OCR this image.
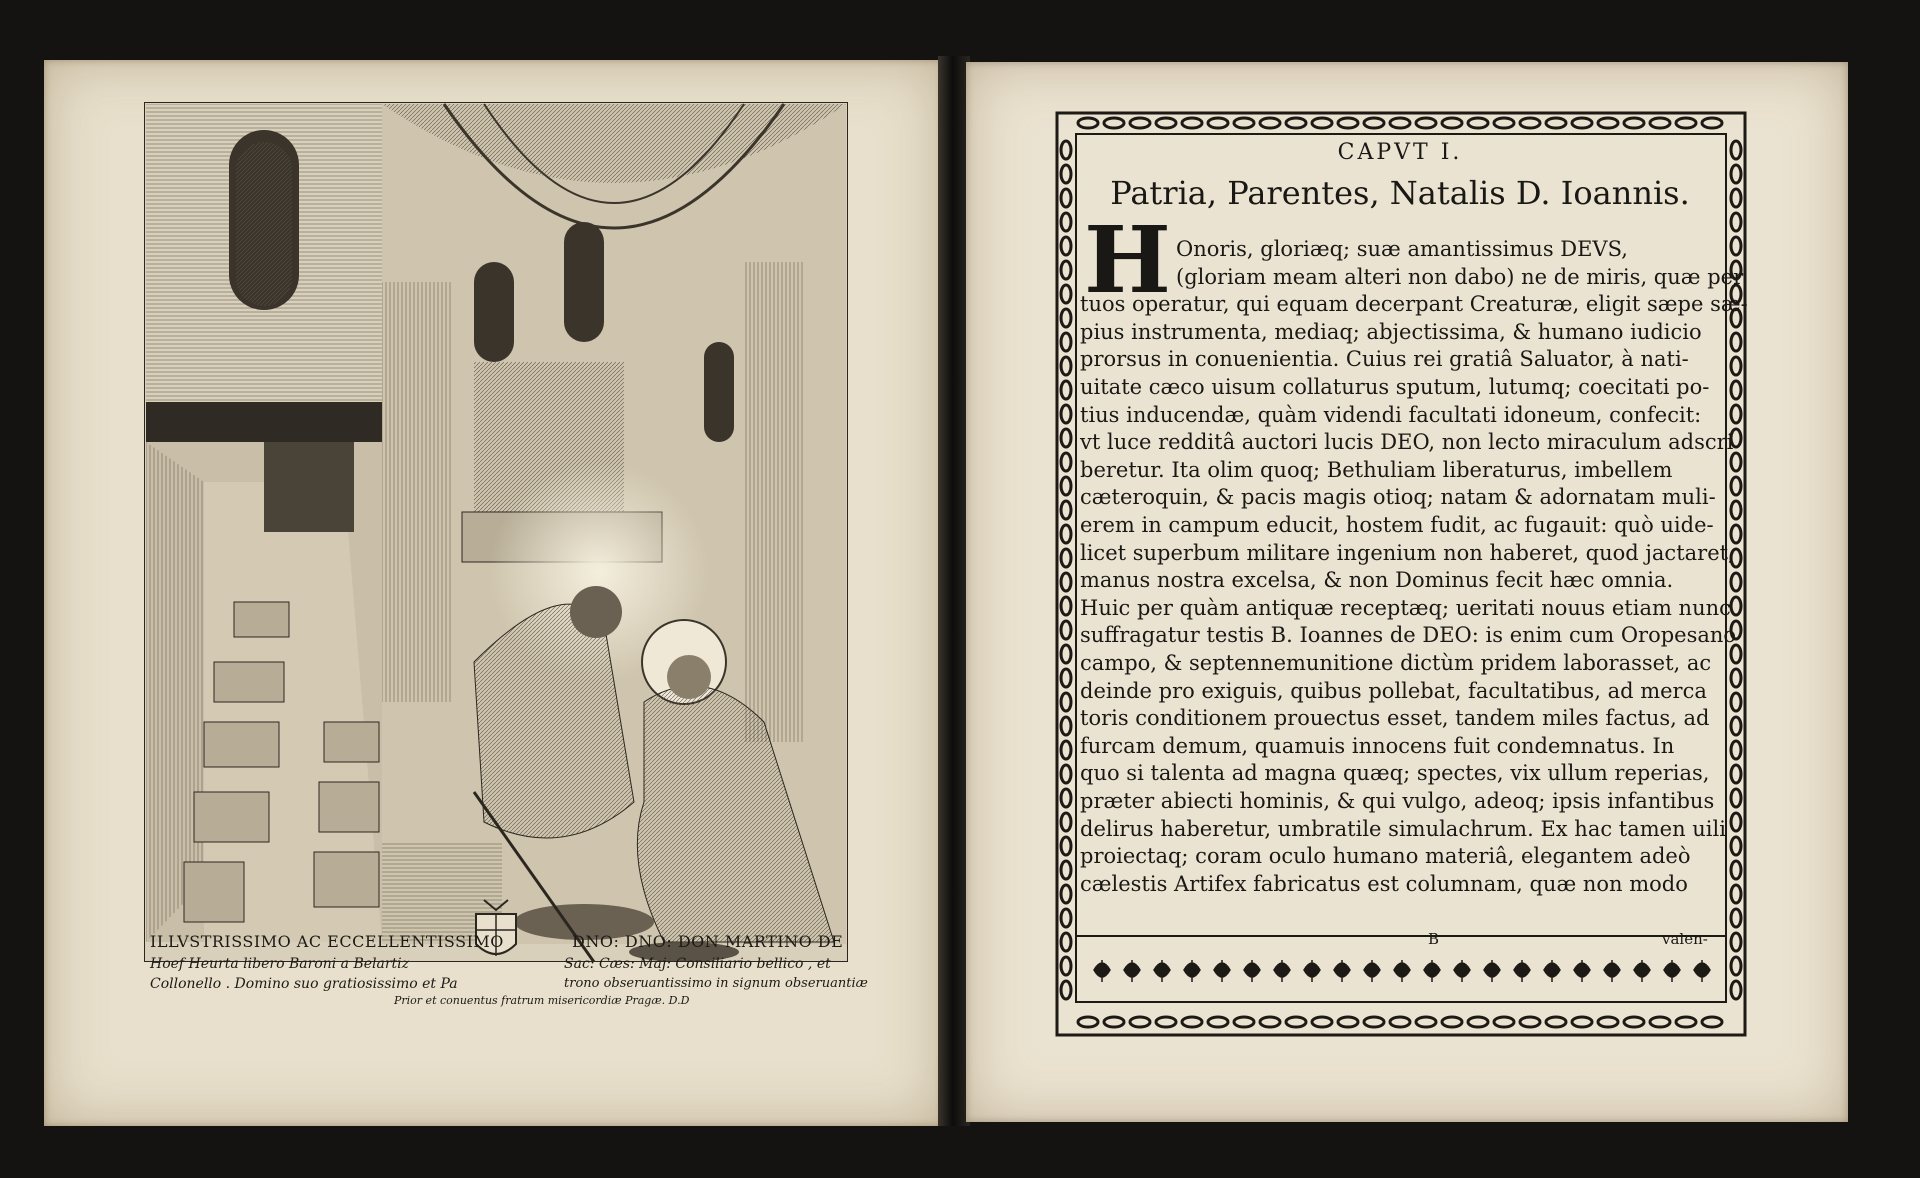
ILLVSTRISSIMO AC ECCELLENTISSIMO	DNO: DNO: DON MARTINO DE
Hoef Heurta libero Baroni a Belartiz	Sac: Cæs: Maj: Consiliario bellico , et
Collonello . Domino suo gratiosissimo et Pa	trono obseruantissimo in signum obseruantiæ
Prior et conuentus fratrum misericordiæ Pragæ. D.D
CAPVT I.
Patria, Parentes, Natalis D. Ioannis.
H Onoris, gloriæq; suæ amantissimus DEVS,
(gloriam meam alteri non dabo) ne de miris, quæ per
tuos operatur, qui equam decerpant Creaturæ, eligit sæpe sæ-
pius instrumenta, mediaq; abjectissima, & humano iudicio
prorsus in conuenientia. Cuius rei gratiâ Saluator, à nati-
uitate cæco uisum collaturus sputum, lutumq; coecitati po-
tius inducendæ, quàm videndi facultati idoneum, confecit:
vt luce redditâ auctori lucis DEO, non lecto miraculum adscri
beretur. Ita olim quoq; Bethuliam liberaturus, imbellem
cæteroquin, & pacis magis otioq; natam & adornatam muli-
erem in campum educit, hostem fudit, ac fugauit: quò uide-
licet superbum militare ingenium non haberet, quod jactaret,
manus nostra excelsa, & non Dominus fecit hæc omnia.
Huic per quàm antiquæ receptæq; ueritati nouus etiam nunc
suffragatur testis B. Ioannes de DEO: is enim cum Oropesano
campo, & septennemunitione dictùm pridem laborasset, ac
deinde pro exiguis, quibus pollebat, facultatibus, ad merca
toris conditionem prouectus esset, tandem miles factus, ad
furcam demum, quamuis innocens fuit condemnatus. In
quo si talenta ad magna quæq; spectes, vix ullum reperias,
præter abiecti hominis, & qui vulgo, adeoq; ipsis infantibus
delirus haberetur, umbratile simulachrum. Ex hac tamen uili
proiectaq; coram oculo humano materiâ, elegantem adeò
cælestis Artifex fabricatus est columnam, quæ non modo
B	valen-
